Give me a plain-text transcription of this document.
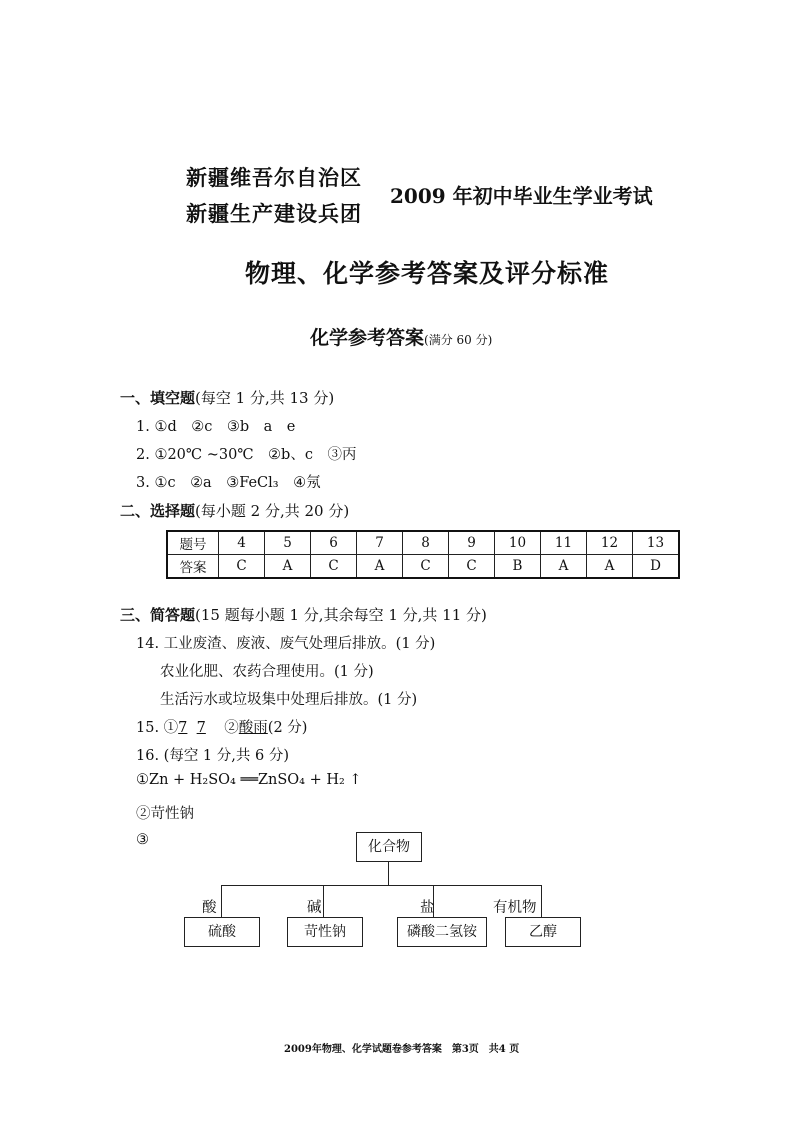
新疆维吾尔自治区
新疆生产建设兵团
2009 年初中毕业生学业考试
物理、化学参考答案及评分标准
化学参考答案(满分 60 分)
一、填空题(每空 1 分,共 13 分)
1. ①d　②c　③b　a　e
2. ①20℃ ~30℃　②b、c　③丙
3. ①c　②a　③FeCl₃　④氖
二、选择题(每小题 2 分,共 20 分)
题号	4	5	6	7	8	9	10	11	12	13
答案	C	A	C	A	C	C	B	A	A	D
三、简答题(15 题每小题 1 分,其余每空 1 分,共 11 分)
14. 工业废渣、废液、废气处理后排放。(1 分)
农业化肥、农药合理使用。(1 分)
生活污水或垃圾集中处理后排放。(1 分)
15. ①7 7 ②酸雨(2 分)
16. (每空 1 分,共 6 分)
①Zn + H₂SO₄ ══ZnSO₄ + H₂ ↑
②苛性钠
③	化合物
酸	碱	盐	有机物
硫酸	苛性钠	磷酸二氢铵	乙醇
2009年物理、化学试题卷参考答案　第3页　共4 页
